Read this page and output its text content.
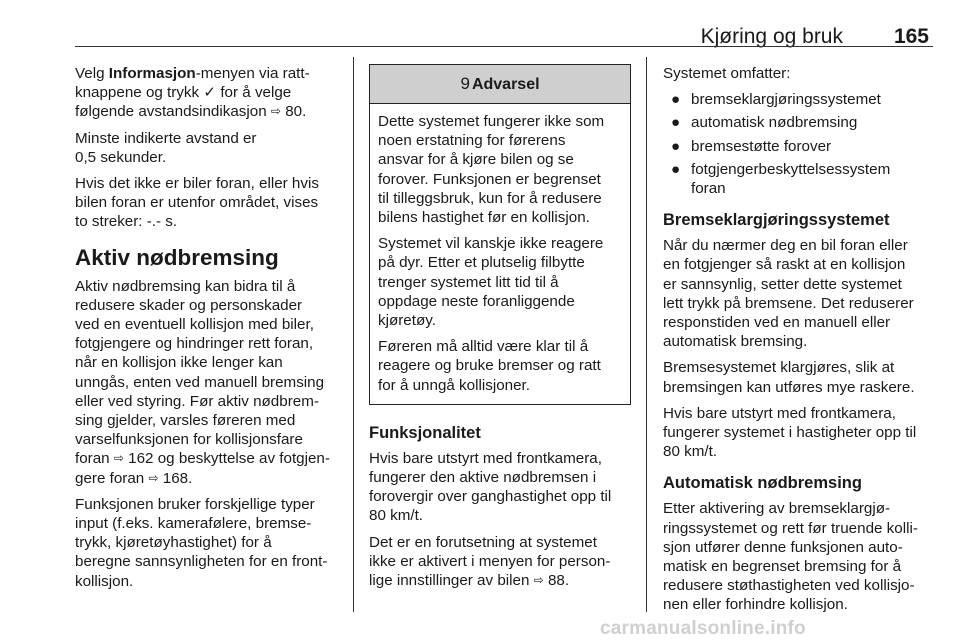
Kjøring og bruk 165

Velg Informasjon-menyen via ratt-
knappene og trykk ✓ for å velge
følgende avstandsindikasjon ⇨ 80.

Minste indikerte avstand er
0,5 sekunder.

Hvis det ikke er biler foran, eller hvis
bilen foran er utenfor området, vises
to streker: -.- s.

Aktiv nødbremsing

Aktiv nødbremsing kan bidra til å
redusere skader og personskader
ved en eventuell kollisjon med biler,
fotgjengere og hindringer rett foran,
når en kollisjon ikke lenger kan
unngås, enten ved manuell bremsing
eller ved styring. Før aktiv nødbrem-
sing gjelder, varsles føreren med
varselfunksjonen for kollisjonsfare
foran ⇨ 162 og beskyttelse av fotgjen-
gere foran ⇨ 168.

Funksjonen bruker forskjellige typer
input (f.eks. kamerafølere, bremse-
trykk, kjøretøyhastighet) for å
beregne sannsynligheten for en front-
kollisjon.

9 Advarsel

Dette systemet fungerer ikke som
noen erstatning for førerens
ansvar for å kjøre bilen og se
forover. Funksjonen er begrenset
til tilleggsbruk, kun for å redusere
bilens hastighet før en kollisjon.

Systemet vil kanskje ikke reagere
på dyr. Etter et plutselig filbytte
trenger systemet litt tid til å
oppdage neste foranliggende
kjøretøy.

Føreren må alltid være klar til å
reagere og bruke bremser og ratt
for å unngå kollisjoner.

Funksjonalitet

Hvis bare utstyrt med frontkamera,
fungerer den aktive nødbremsen i
forovergir over ganghastighet opp til
80 km/t.

Det er en forutsetning at systemet
ikke er aktivert i menyen for person-
lige innstillinger av bilen ⇨ 88.

Systemet omfatter:

● bremseklargjøringssystemet
● automatisk nødbremsing
● bremsestøtte forover
● fotgjengerbeskyttelsessystem
foran
Bremseklargjøringssystemet

Når du nærmer deg en bil foran eller
en fotgjenger så raskt at en kollisjon
er sannsynlig, setter dette systemet
lett trykk på bremsene. Det reduserer
responstiden ved en manuell eller
automatisk bremsing.

Bremsesystemet klargjøres, slik at
bremsingen kan utføres mye raskere.

Hvis bare utstyrt med frontkamera,
fungerer systemet i hastigheter opp til
80 km/t.

Automatisk nødbremsing

Etter aktivering av bremseklargjø-
ringssystemet og rett før truende kolli-
sjon utfører denne funksjonen auto-
matisk en begrenset bremsing for å
redusere støthastigheten ved kollisjo-
nen eller forhindre kollisjon.

carmanualsonline.info
